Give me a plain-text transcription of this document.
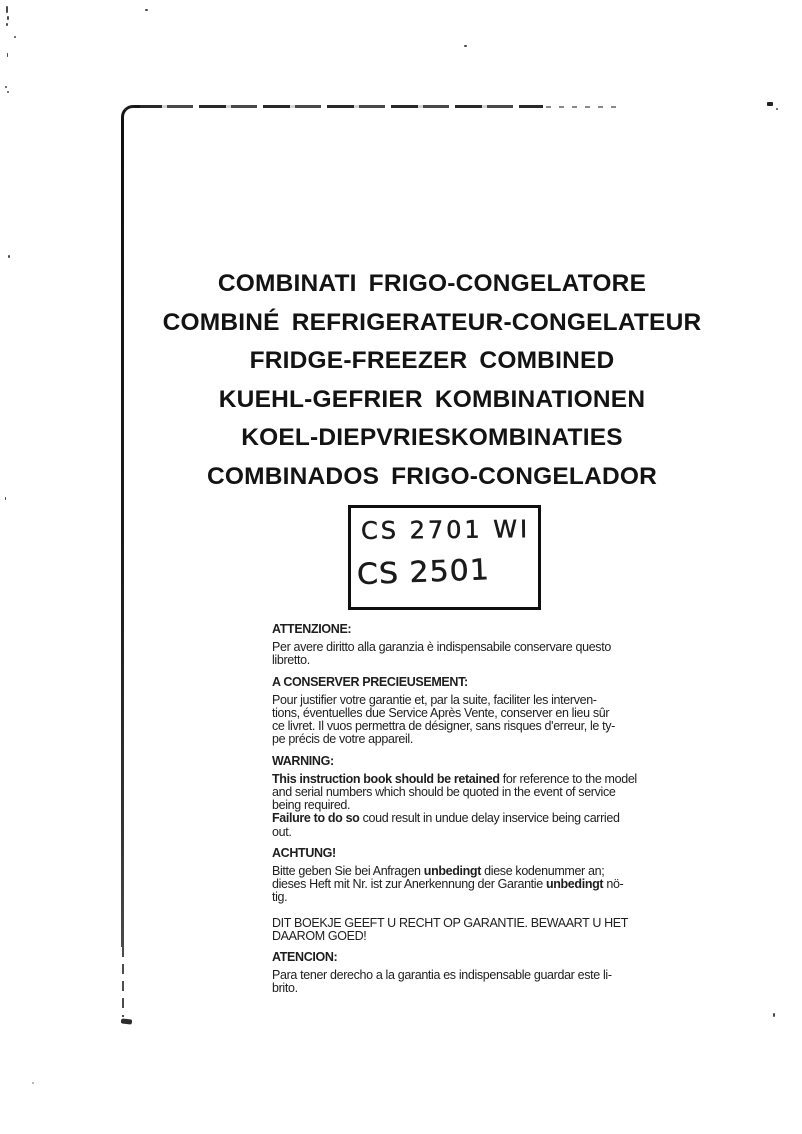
COMBINATI FRIGO-CONGELATORE
COMBINÉ REFRIGERATEUR-CONGELATEUR
FRIDGE-FREEZER COMBINED
KUEHL-GEFRIER KOMBINATIONEN
KOEL-DIEPVRIESKOMBINATIES
COMBINADOS FRIGO-CONGELADOR
CS 2701 WI
CS 2501
ATTENZIONE:
Per avere diritto alla garanzia è indispensabile conservare questo
libretto.
A CONSERVER PRECIEUSEMENT:
Pour justifier votre garantie et, par la suite, faciliter les interven-
tions, éventuelles due Service Après Vente, conserver en lieu sûr
ce livret. Il vuos permettra de désigner, sans risques d'erreur, le ty-
pe précis de votre appareil.
WARNING:
This instruction book should be retained for reference to the model
and serial numbers which should be quoted in the event of service
being required.
Failure to do so coud result in undue delay inservice being carried
out.
ACHTUNG!
Bitte geben Sie bei Anfragen unbedingt diese kodenummer an;
dieses Heft mit Nr. ist zur Anerkennung der Garantie unbedingt nö-
tig.
DIT BOEKJE GEEFT U RECHT OP GARANTIE. BEWAART U HET
DAAROM GOED!
ATENCION:
Para tener derecho a la garantia es indispensable guardar este li-
brito.
